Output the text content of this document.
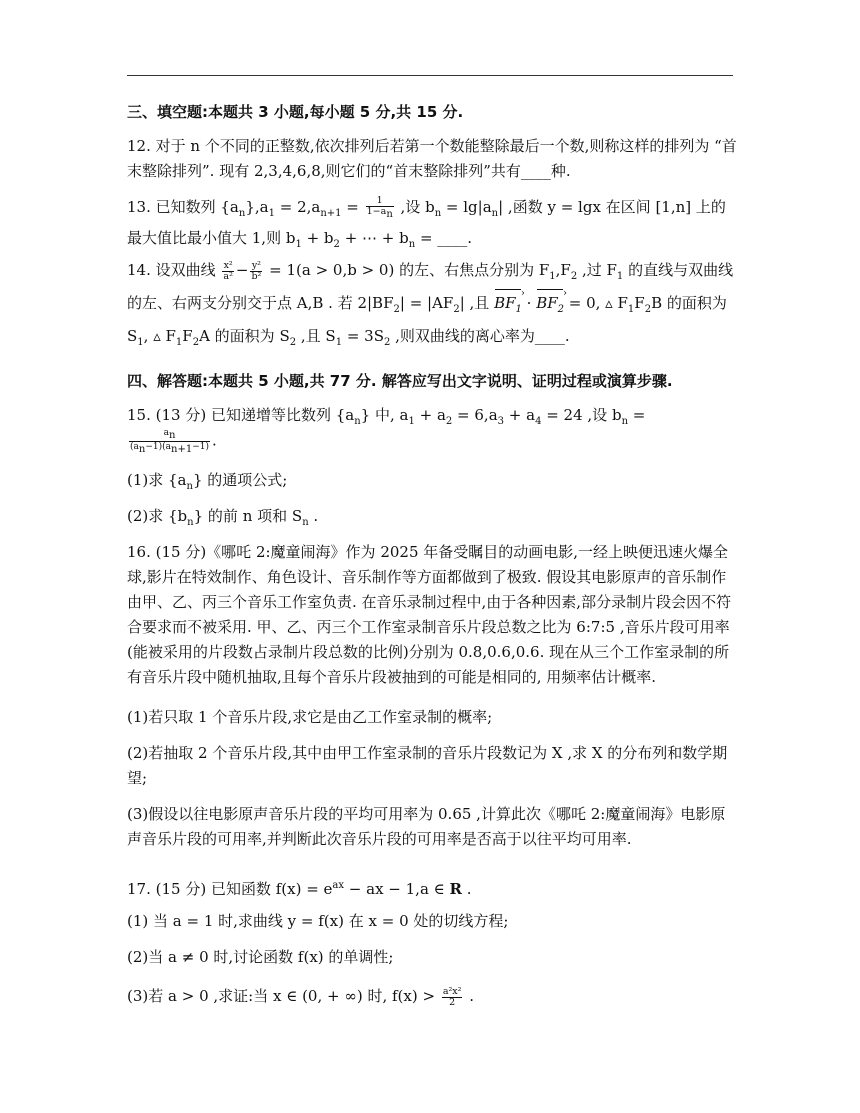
三、填空题:本题共 3 小题,每小题 5 分,共 15 分.
12. 对于 n 个不同的正整数,依次排列后若第一个数能整除最后一个数,则称这样的排列为 “首末整除排列”. 现有 2,3,4,6,8,则它们的“首末整除排列”共有____种.
13. 已知数列 $\{a_n\},a_1 = 2,a_{n+1} = \frac{1}{1-a_n}$ ,设 $b_n = \lg|a_n|$ ,函数 y = lgx 在区间 [1,n] 上的最大值比最小值大 1,则 $b_1 + b_2$ + ⋯ + $b_n$ = ____.
14. 设双曲线 $\frac{\text{x²}}{\text{a²}} - \frac{\text{y²}}{\text{b²}} = 1(a > 0,b > 0)$ 的左、右焦点分别为 $F_1,F_2$ ,过 $F_1$ 的直线与双曲线的左、右两支分别交于点 A,B . 若 $2|BF_2| = |AF_2|$ ,且 $BF_1$ › · $BF_2$ › = 0, ▵ $F_1F_2B$ 的面积为 $S_1$, ▵ $F_1F_2A$ 的面积为 $S_2$ ,且 $S_1 = 3S_2$ ,则双曲线的离心率为____.
四、解答题:本题共 5 小题,共 77 分. 解答应写出文字说明、证明过程或演算步骤.
15. (13 分) 已知递增等比数列 $\{a_n\}$ 中, $a_1 + a_2 = 6,a_3 + a_4 = 24$ ,设 $b_n$ =
$\frac{a_n}{(a_n-1)(a_{n+1}-1)}$ .
(1)求 $\{a_n\}$ 的通项公式;
(2)求 $\{b_n\}$ 的前 n 项和 $S_n$ .
16. (15 分)《哪吒 2:魔童闹海》作为 2025 年备受瞩目的动画电影,一经上映便迅速火爆全球,影片在特效制作、角色设计、音乐制作等方面都做到了极致. 假设其电影原声的音乐制作由甲、乙、丙三个音乐工作室负责. 在音乐录制过程中,由于各种因素,部分录制片段会因不符合要求而不被采用. 甲、乙、丙三个工作室录制音乐片段总数之比为 6:7:5 ,音乐片段可用率(能被采用的片段数占录制片段总数的比例)分别为 0.8,0.6,0.6. 现在从三个工作室录制的所有音乐片段中随机抽取,且每个音乐片段被抽到的可能是相同的, 用频率估计概率.
(1)若只取 1 个音乐片段,求它是由乙工作室录制的概率;
(2)若抽取 2 个音乐片段,其中由甲工作室录制的音乐片段数记为 X ,求 X 的分布列和数学期望;
(3)假设以往电影原声音乐片段的平均可用率为 0.65 ,计算此次《哪吒 2:魔童闹海》电影原声音乐片段的可用率,并判断此次音乐片段的可用率是否高于以往平均可用率.
17. (15 分) 已知函数 $f(x) = e^{ax}$ − ax − 1,a ∈ R .
(1) 当 a = 1 时,求曲线 y = f(x) 在 x = 0 处的切线方程;
(2)当 a ≠ 0 时,讨论函数 f(x) 的单调性;
(3)若 a > 0 ,求证:当 x ∈ (0, + ∞) 时, $f(x) > \frac{\text{a²x²}}{2}$ .
